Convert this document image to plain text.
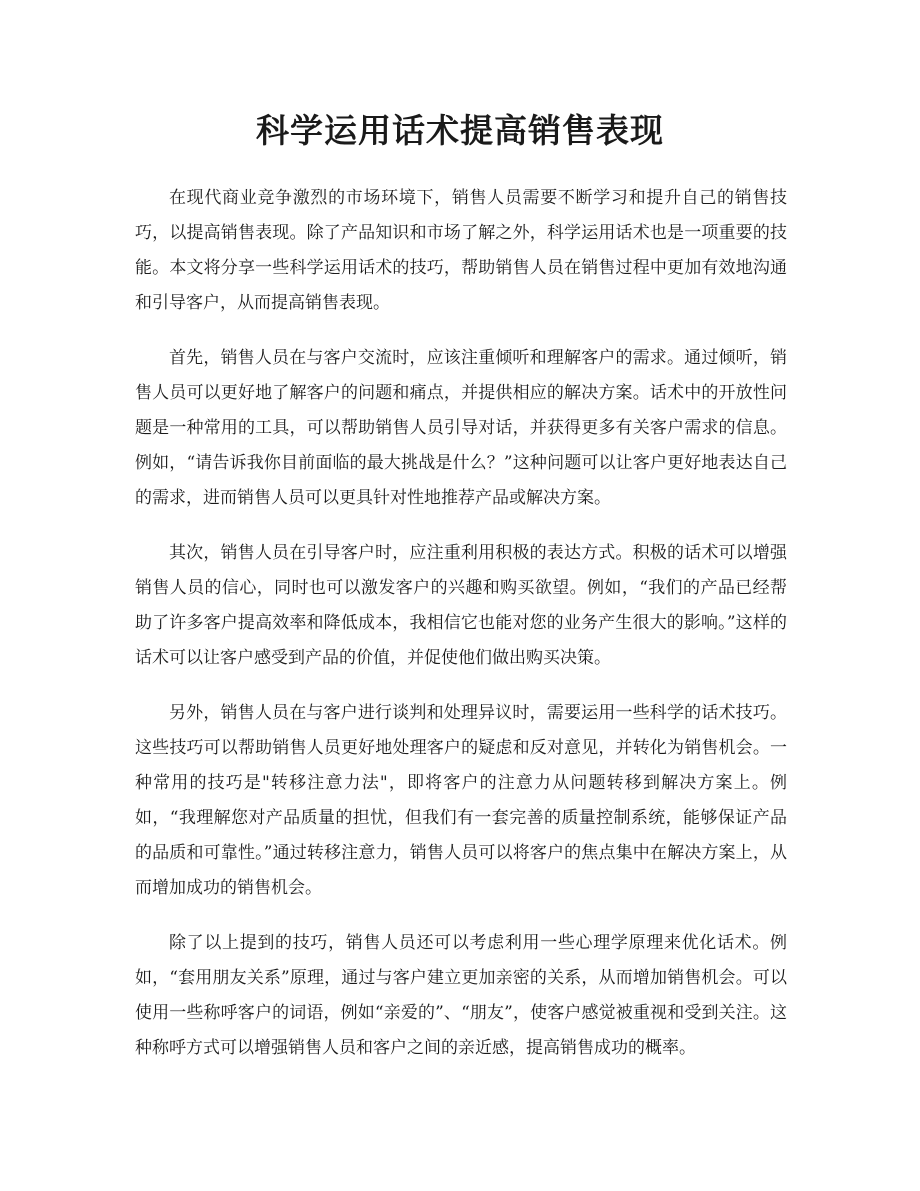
科学运用话术提高销售表现

在现代商业竞争激烈的市场环境下，销售人员需要不断学习和提升自己的销售技巧，以提高销售表现。除了产品知识和市场了解之外，科学运用话术也是一项重要的技能。本文将分享一些科学运用话术的技巧，帮助销售人员在销售过程中更加有效地沟通和引导客户，从而提高销售表现。

首先，销售人员在与客户交流时，应该注重倾听和理解客户的需求。通过倾听，销售人员可以更好地了解客户的问题和痛点，并提供相应的解决方案。话术中的开放性问题是一种常用的工具，可以帮助销售人员引导对话，并获得更多有关客户需求的信息。例如，“请告诉我你目前面临的最大挑战是什么？”这种问题可以让客户更好地表达自己的需求，进而销售人员可以更具针对性地推荐产品或解决方案。

其次，销售人员在引导客户时，应注重利用积极的表达方式。积极的话术可以增强销售人员的信心，同时也可以激发客户的兴趣和购买欲望。例如，“我们的产品已经帮助了许多客户提高效率和降低成本，我相信它也能对您的业务产生很大的影响。”这样的话术可以让客户感受到产品的价值，并促使他们做出购买决策。

另外，销售人员在与客户进行谈判和处理异议时，需要运用一些科学的话术技巧。这些技巧可以帮助销售人员更好地处理客户的疑虑和反对意见，并转化为销售机会。一种常用的技巧是"转移注意力法"，即将客户的注意力从问题转移到解决方案上。例如，“我理解您对产品质量的担忧，但我们有一套完善的质量控制系统，能够保证产品的品质和可靠性。”通过转移注意力，销售人员可以将客户的焦点集中在解决方案上，从而增加成功的销售机会。

除了以上提到的技巧，销售人员还可以考虑利用一些心理学原理来优化话术。例如，“套用朋友关系”原理，通过与客户建立更加亲密的关系，从而增加销售机会。可以使用一些称呼客户的词语，例如“亲爱的”、“朋友”，使客户感觉被重视和受到关注。这种称呼方式可以增强销售人员和客户之间的亲近感，提高销售成功的概率。
